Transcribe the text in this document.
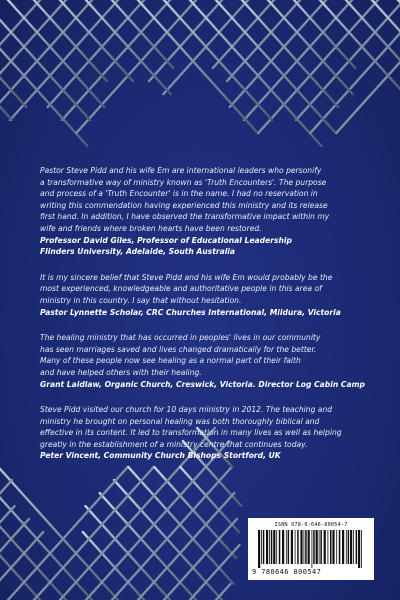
Pastor Steve Pidd and his wife Em are international leaders who personify
a transformative way of ministry known as 'Truth Encounters'. The purpose
and process of a 'Truth Encounter' is in the name. I had no reservation in
writing this commendation having experienced this ministry and its release
first hand. In addition, I have observed the transformative impact within my
wife and friends where broken hearts have been restored.

Professor David Giles, Professor of Educational Leadership
Flinders University, Adelaide, South Australia

It is my sincere belief that Steve Pidd and his wife Em would probably be the
most experienced, knowledgeable and authoritative people in this area of
ministry in this country. I say that without hesitation.

Pastor Lynnette Scholar, CRC Churches International, Mildura, Victoria

The healing ministry that has occurred in peoples' lives in our community
has seen marriages saved and lives changed dramatically for the better.
Many of these people now see healing as a normal part of their faith
and have helped others with their healing.

Grant Laidlaw, Organic Church, Creswick, Victoria. Director Log Cabin Camp

Steve Pidd visited our church for 10 days ministry in 2012. The teaching and
ministry he brought on personal healing was both thoroughly biblical and
effective in its content. It led to transformation in many lives as well as helping
greatly in the establishment of a ministry centre that continues today.

Peter Vincent, Community Church Bishops Stortford, UK

ISBN 978-0-646-80054-7
9 780646 800547
